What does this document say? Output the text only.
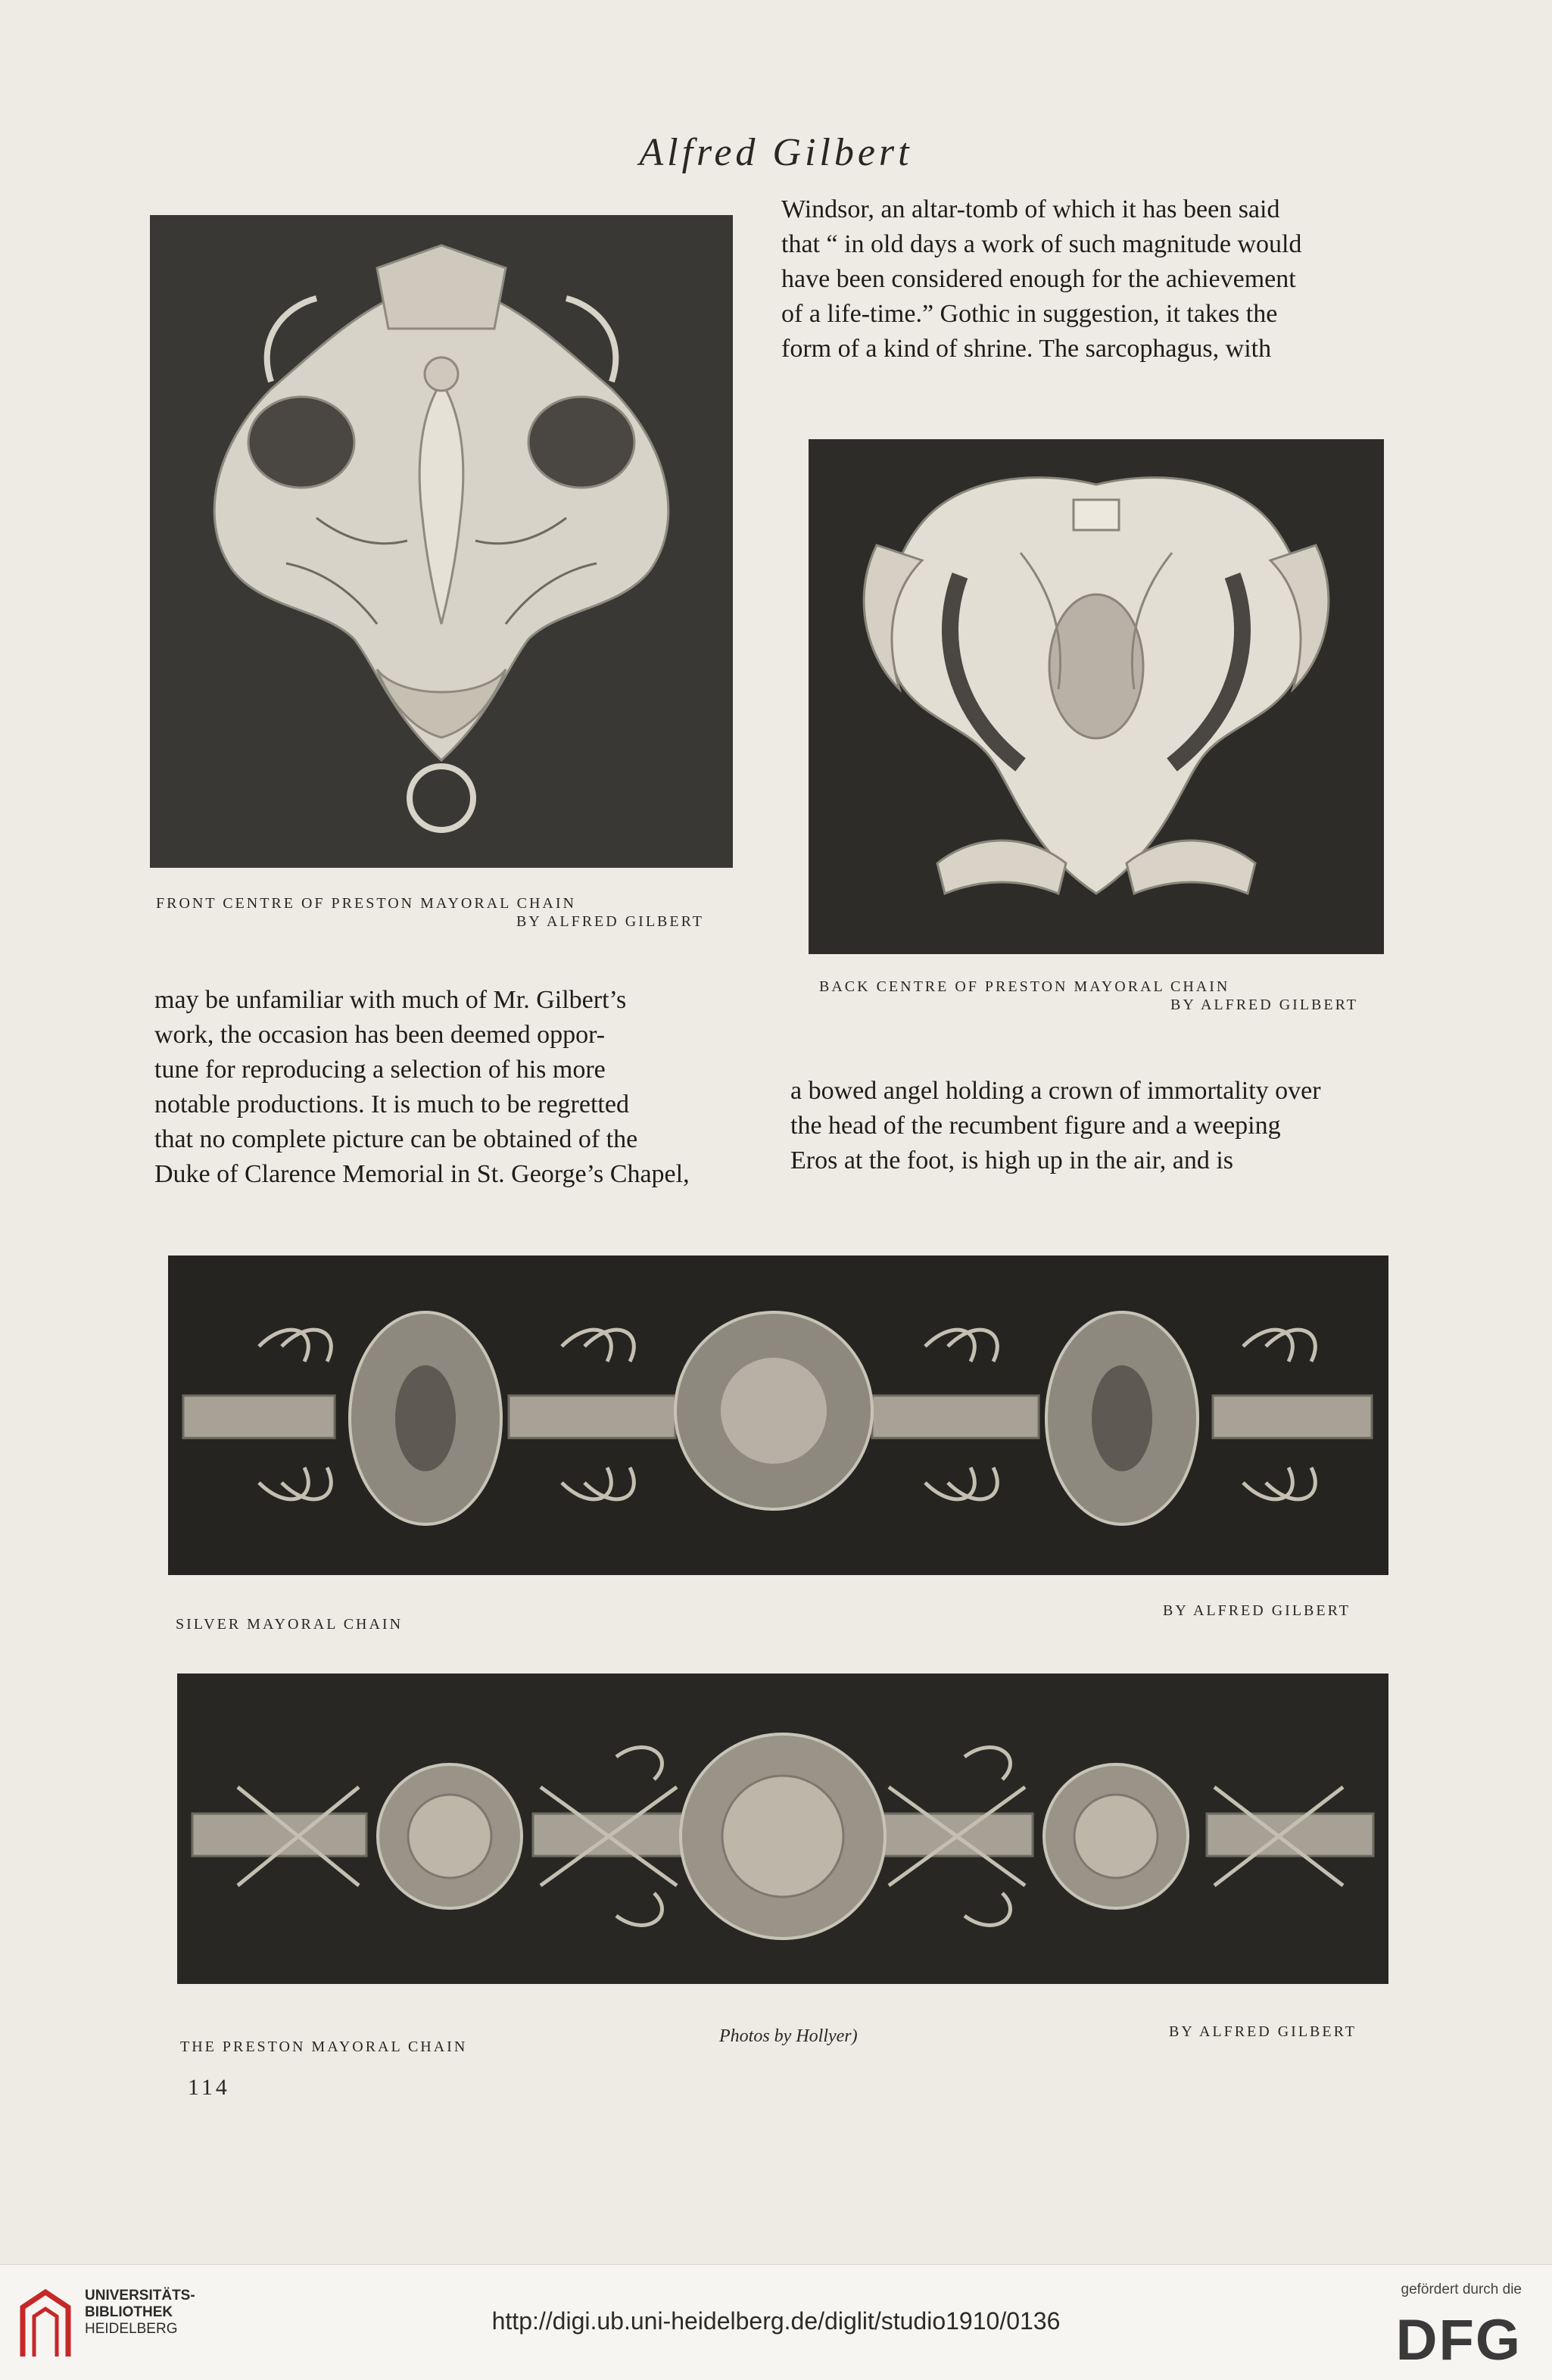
Alfred Gilbert
FRONT CENTRE OF PRESTON MAYORAL CHAIN
BY ALFRED GILBERT

Windsor, an altar-tomb of which it has been said

that “ in old days a work of such magnitude would

have been considered enough for the achievement

of a life-time.” Gothic in suggestion, it takes the

form of a kind of shrine. The sarcophagus, with

BACK CENTRE OF PRESTON MAYORAL CHAIN
BY ALFRED GILBERT

may be unfamiliar with much of Mr. Gilbert’s

work, the occasion has been deemed oppor-

tune for reproducing a selection of his more

notable productions. It is much to be regretted

that no complete picture can be obtained of the

Duke of Clarence Memorial in St. George’s Chapel,

a bowed angel holding a crown of immortality over

the head of the recumbent figure and a weeping

Eros at the foot, is high up in the air, and is

SILVER MAYORAL CHAIN
BY ALFRED GILBERT
THE PRESTON MAYORAL CHAIN
Photos by Hollyer)	BY ALFRED GILBERT
114
UNIVERSITÄTS-
BIBLIOTHEK
HEIDELBERG	http://digi.ub.uni-heidelberg.de/diglit/studio1910/0136
gefördert durch die
DFG
